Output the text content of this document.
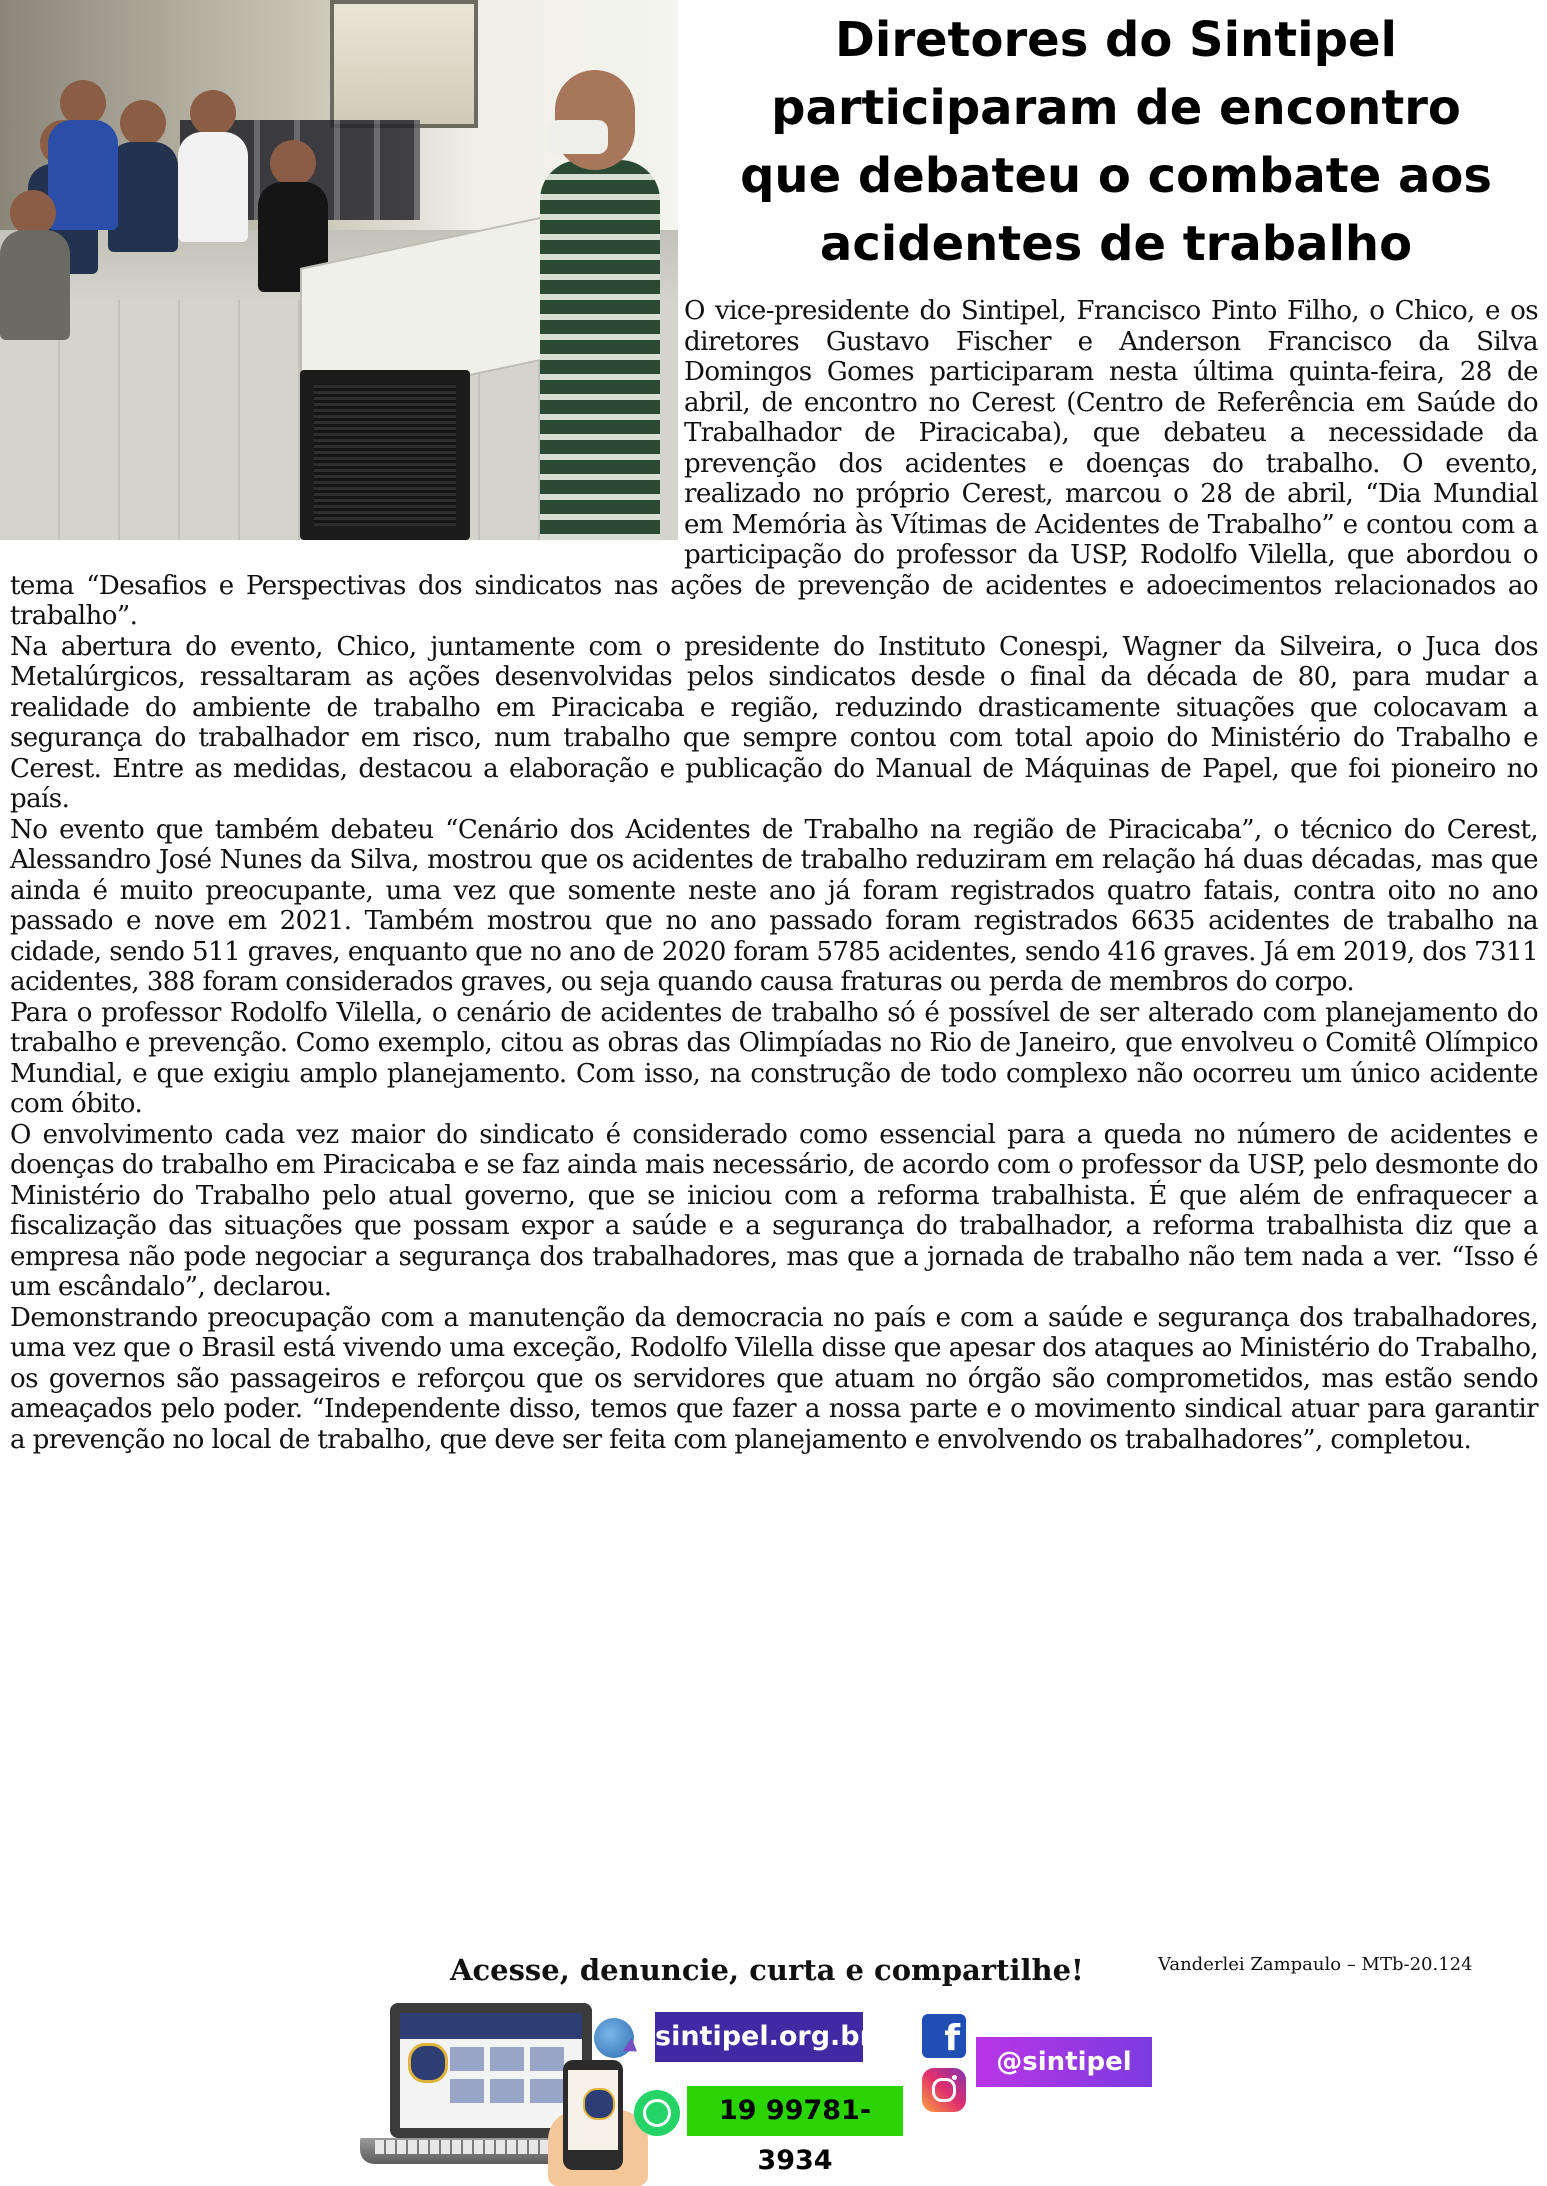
Diretores do Sintipel
participaram de encontro
que debateu o combate aos
acidentes de trabalho

O vice-presidente do Sintipel, Francisco Pinto Filho, o Chico, e os diretores Gustavo Fischer e Anderson Francisco da Silva Domingos Gomes participaram nesta última quinta-feira, 28 de abril, de encontro no Cerest (Centro de Referência em Saúde do Trabalhador de Piracicaba), que debateu a necessidade da prevenção dos acidentes e doenças do trabalho. O evento, realizado no próprio Cerest, marcou o 28 de abril, “Dia Mundial em Memória às Vítimas de Acidentes de Trabalho” e contou com a participação do professor da USP, Rodolfo Vilella, que abordou o tema “Desafios e Perspectivas dos sindicatos nas ações de prevenção de acidentes e adoecimentos relacionados ao trabalho”.

Na abertura do evento, Chico, juntamente com o presidente do Instituto Conespi, Wagner da Silveira, o Juca dos Metalúrgicos, ressaltaram as ações desenvolvidas pelos sindicatos desde o final da década de 80, para mudar a realidade do ambiente de trabalho em Piracicaba e região, reduzindo drasticamente situações que colocavam a segurança do trabalhador em risco, num trabalho que sempre contou com total apoio do Ministério do Trabalho e Cerest. Entre as medidas, destacou a elaboração e publicação do Manual de Máquinas de Papel, que foi pioneiro no país.

No evento que também debateu “Cenário dos Acidentes de Trabalho na região de Piracicaba”, o técnico do Cerest, Alessandro José Nunes da Silva, mostrou que os acidentes de trabalho reduziram em relação há duas décadas, mas que ainda é muito preocupante, uma vez que somente neste ano já foram registrados quatro fatais, contra oito no ano passado e nove em 2021. Também mostrou que no ano passado foram registrados 6635 acidentes de trabalho na cidade, sendo 511 graves, enquanto que no ano de 2020 foram 5785 acidentes, sendo 416 graves. Já em 2019, dos 7311 acidentes, 388 foram considerados graves, ou seja quando causa fraturas ou perda de membros do corpo.

Para o professor Rodolfo Vilella, o cenário de acidentes de trabalho só é possível de ser alterado com planejamento do trabalho e prevenção. Como exemplo, citou as obras das Olimpíadas no Rio de Janeiro, que envolveu o Comitê Olímpico Mundial, e que exigiu amplo planejamento. Com isso, na construção de todo complexo não ocorreu um único acidente com óbito.

O envolvimento cada vez maior do sindicato é considerado como essencial para a queda no número de acidentes e doenças do trabalho em Piracicaba e se faz ainda mais necessário, de acordo com o professor da USP, pelo desmonte do Ministério do Trabalho pelo atual governo, que se iniciou com a reforma trabalhista. É que além de enfraquecer a fiscalização das situações que possam expor a saúde e a segurança do trabalhador, a reforma trabalhista diz que a empresa não pode negociar a segurança dos trabalhadores, mas que a jornada de trabalho não tem nada a ver. “Isso é um escândalo”, declarou.

Demonstrando preocupação com a manutenção da democracia no país e com a saúde e segurança dos trabalhadores, uma vez que o Brasil está vivendo uma exceção, Rodolfo Vilella disse que apesar dos ataques ao Ministério do Trabalho, os governos são passageiros e reforçou que os servidores que atuam no órgão são comprometidos, mas estão sendo ameaçados pelo poder. “Independente disso, temos que fazer a nossa parte e o movimento sindical atuar para garantir a prevenção no local de trabalho, que deve ser feita com planejamento e envolvendo os trabalhadores”, completou.

Acesse, denuncie, curta e compartilhe!	Vanderlei Zampaulo – MTb-20.124
sintipel.org.br
19 99781-3934
f
@sintipel
